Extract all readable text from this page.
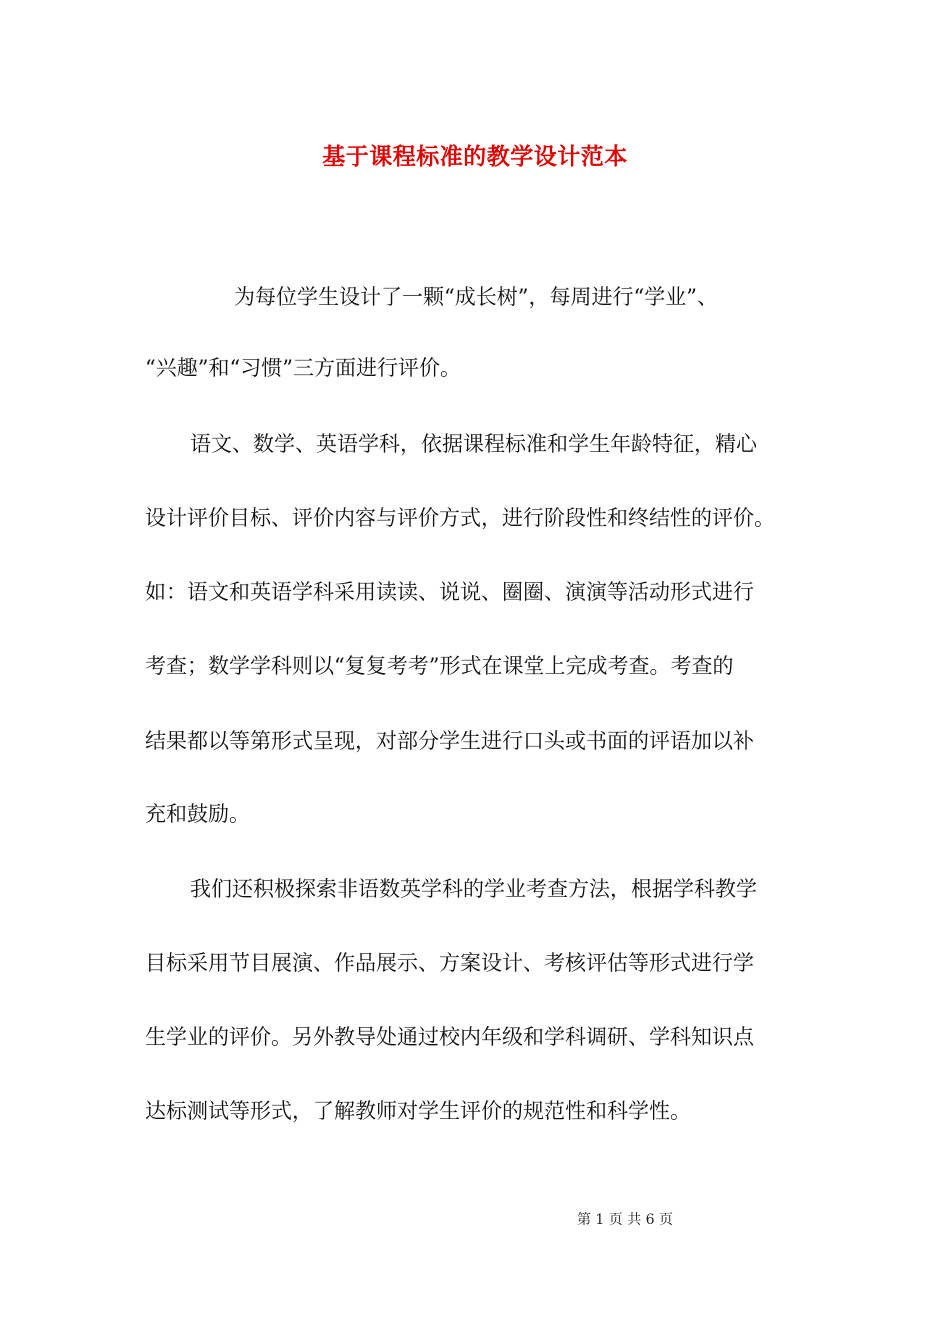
基于课程标准的教学设计范本
为每位学生设计了一颗“成长树”，每周进行“学业”、
“兴趣”和“习惯”三方面进行评价。
语文、数学、英语学科，依据课程标准和学生年龄特征，精心
设计评价目标、评价内容与评价方式，进行阶段性和终结性的评价。
如：语文和英语学科采用读读、说说、圈圈、演演等活动形式进行
考查；数学学科则以“复复考考”形式在课堂上完成考查。考查的
结果都以等第形式呈现，对部分学生进行口头或书面的评语加以补
充和鼓励。
我们还积极探索非语数英学科的学业考查方法，根据学科教学
目标采用节目展演、作品展示、方案设计、考核评估等形式进行学
生学业的评价。另外教导处通过校内年级和学科调研、学科知识点
达标测试等形式，了解教师对学生评价的规范性和科学性。
第 1 页 共 6 页
